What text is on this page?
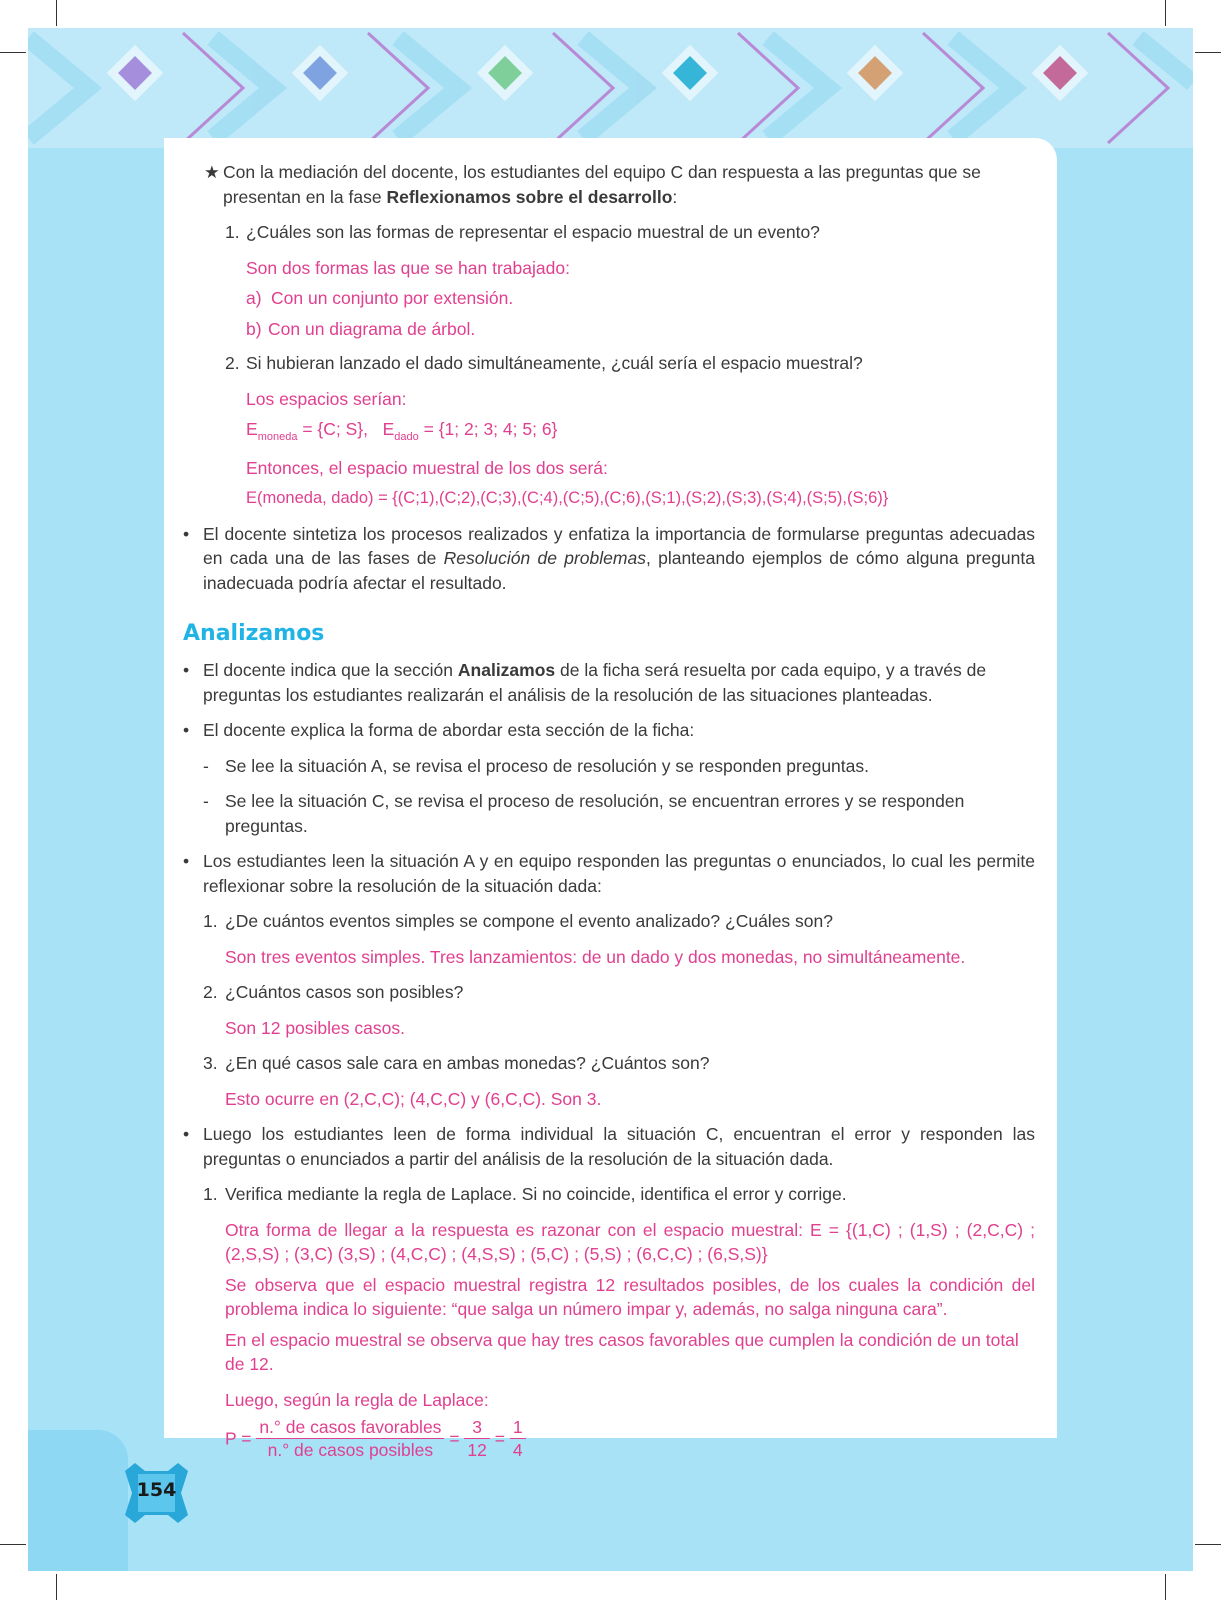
★ Con la mediación del docente, los estudiantes del equipo C dan respuesta a las preguntas que se presentan en la fase Reflexionamos sobre el desarrollo:
1. ¿Cuáles son las formas de representar el espacio muestral de un evento?
Son dos formas las que se han trabajado:
a) Con un conjunto por extensión.
b) Con un diagrama de árbol.
2. Si hubieran lanzado el dado simultáneamente, ¿cuál sería el espacio muestral?
Los espacios serían:
$E_{moneda} = \{C$; S}, $E_{dado} = \{1$; 2; 3; 4; 5; 6}
Entonces, el espacio muestral de los dos será:
E(moneda, dado) = {(C;1),(C;2),(C;3),(C;4),(C;5),(C;6),(S;1),(S;2),(S;3),(S;4),(S;5),(S;6)}
• El docente sintetiza los procesos realizados y enfatiza la importancia de formularse preguntas adecuadas en cada una de las fases de Resolución de problemas, planteando ejemplos de cómo alguna pregunta inadecuada podría afectar el resultado.
Analizamos
• El docente indica que la sección Analizamos de la ficha será resuelta por cada equipo, y a través de preguntas los estudiantes realizarán el análisis de la resolución de las situaciones planteadas.
• El docente explica la forma de abordar esta sección de la ficha:
- Se lee la situación A, se revisa el proceso de resolución y se responden preguntas.
- Se lee la situación C, se revisa el proceso de resolución, se encuentran errores y se responden preguntas.
• Los estudiantes leen la situación A y en equipo responden las preguntas o enunciados, lo cual les permite reflexionar sobre la resolución de la situación dada:
1. ¿De cuántos eventos simples se compone el evento analizado? ¿Cuáles son?
Son tres eventos simples. Tres lanzamientos: de un dado y dos monedas, no simultáneamente.
2. ¿Cuántos casos son posibles?
Son 12 posibles casos.
3. ¿En qué casos sale cara en ambas monedas? ¿Cuántos son?
Esto ocurre en (2,C,C); (4,C,C) y (6,C,C). Son 3.
• Luego los estudiantes leen de forma individual la situación C, encuentran el error y responden las preguntas o enunciados a partir del análisis de la resolución de la situación dada.
1. Verifica mediante la regla de Laplace. Si no coincide, identifica el error y corrige.
Otra forma de llegar a la respuesta es razonar con el espacio muestral: E = {(1,C) ; (1,S) ; (2,C,C) ; (2,S,S) ; (3,C) (3,S) ; (4,C,C) ; (4,S,S) ; (5,C) ; (5,S) ; (6,C,C) ; (6,S,S)}
Se observa que el espacio muestral registra 12 resultados posibles, de los cuales la condición del problema indica lo siguiente: “que salga un número impar y, además, no salga ninguna cara”.
En el espacio muestral se observa que hay tres casos favorables que cumplen la condición de un total de 12.
Luego, según la regla de Laplace:
$P = \frac{\text{n.° de casos favorables}}{\text{n.° de casos posibles}} = \frac{3}{12} = \frac{1}{4}$
154
